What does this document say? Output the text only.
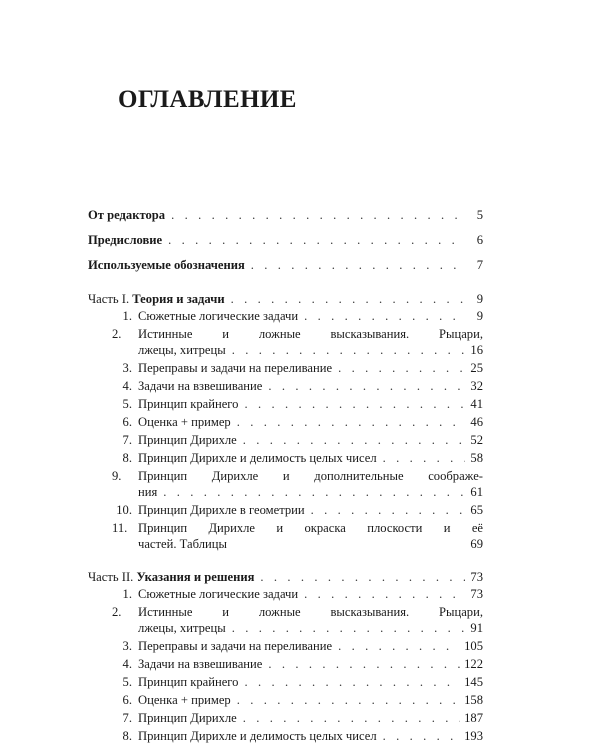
ОГЛАВЛЕНИЕ
От редактора . . .	5
Предисловие . . .	6
Используемые обозначения . . .	7
Часть I. Теория и задачи . . .	9
1. Сюжетные логические задачи . . .	9
2. Истинные и ложные высказывания. Рыцари,
лжецы, хитрецы . . .	16
3. Переправы и задачи на переливание . . .	25
4. Задачи на взвешивание . . .	32
5. Принцип крайнего . . .	41
6. Оценка + пример . . .	46
7. Принцип Дирихле . . .	52
8. Принцип Дирихле и делимость целых чисел . . .	58
9. Принцип Дирихле и дополнительные соображе-
ния . . .	61
10. Принцип Дирихле в геометрии . . .	65
11. Принцип Дирихле и окраска плоскости и её
частей. Таблицы	69
Часть II. Указания и решения . . .	73
1. Сюжетные логические задачи . . .	73
2. Истинные и ложные высказывания. Рыцари,
лжецы, хитрецы . . .	91
3. Переправы и задачи на переливание . . .	105
4. Задачи на взвешивание . . .	122
5. Принцип крайнего . . .	145
6. Оценка + пример . . .	158
7. Принцип Дирихле . . .	187
8. Принцип Дирихле и делимость целых чисел . . .	193
